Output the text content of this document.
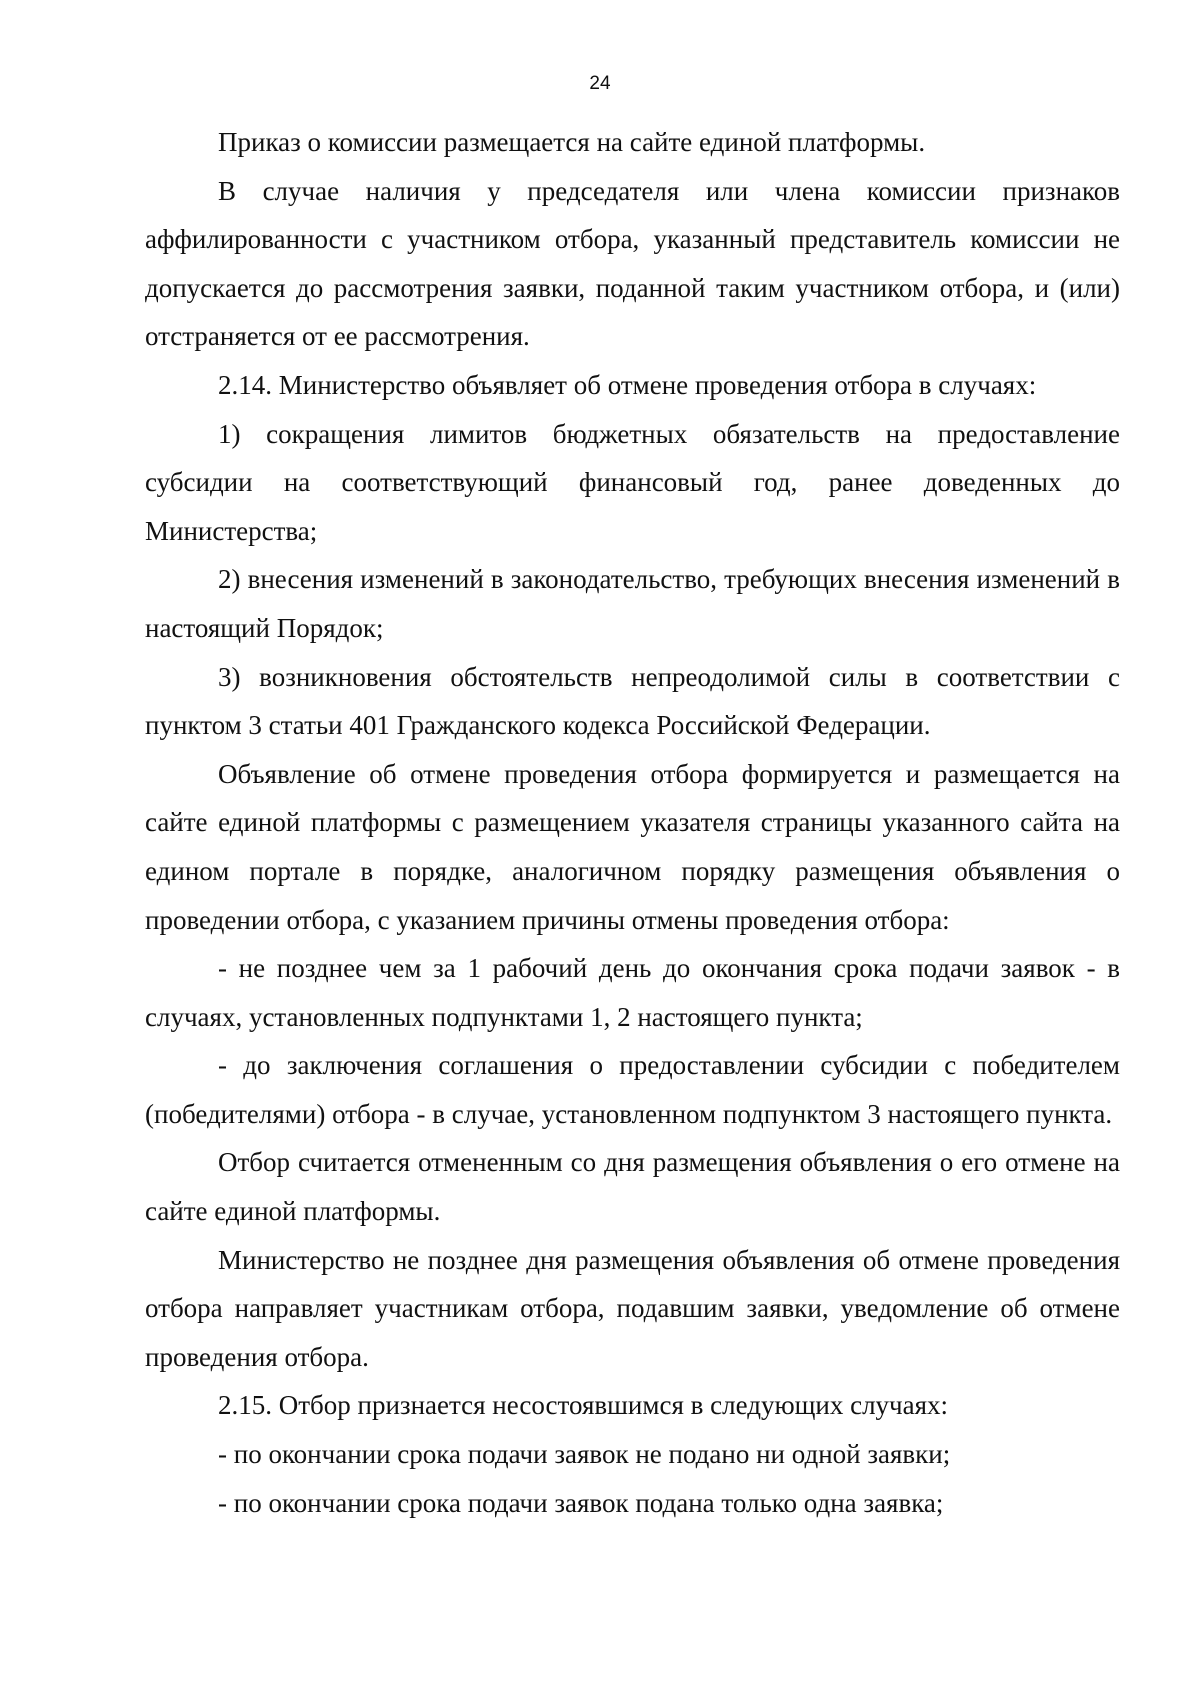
24

Приказ о комиссии размещается на сайте единой платформы.

В случае наличия у председателя или члена комиссии признаков аффилированности с участником отбора, указанный представитель комиссии не допускается до рассмотрения заявки, поданной таким участником отбора, и (или) отстраняется от ее рассмотрения.

2.14. Министерство объявляет об отмене проведения отбора в случаях:

1) сокращения лимитов бюджетных обязательств на предоставление субсидии на соответствующий финансовый год, ранее доведенных до Министерства;

2) внесения изменений в законодательство, требующих внесения изменений в настоящий Порядок;

3) возникновения обстоятельств непреодолимой силы в соответствии с пунктом 3 статьи 401 Гражданского кодекса Российской Федерации.

Объявление об отмене проведения отбора формируется и размещается на сайте единой платформы с размещением указателя страницы указанного сайта на едином портале в порядке, аналогичном порядку размещения объявления о проведении отбора, с указанием причины отмены проведения отбора:

- не позднее чем за 1 рабочий день до окончания срока подачи заявок - в случаях, установленных подпунктами 1, 2 настоящего пункта;

- до заключения соглашения о предоставлении субсидии с победителем (победителями) отбора - в случае, установленном подпунктом 3 настоящего пункта.

Отбор считается отмененным со дня размещения объявления о его отмене на сайте единой платформы.

Министерство не позднее дня размещения объявления об отмене проведения отбора направляет участникам отбора, подавшим заявки, уведомление об отмене проведения отбора.

2.15. Отбор признается несостоявшимся в следующих случаях:

- по окончании срока подачи заявок не подано ни одной заявки;

- по окончании срока подачи заявок подана только одна заявка;
